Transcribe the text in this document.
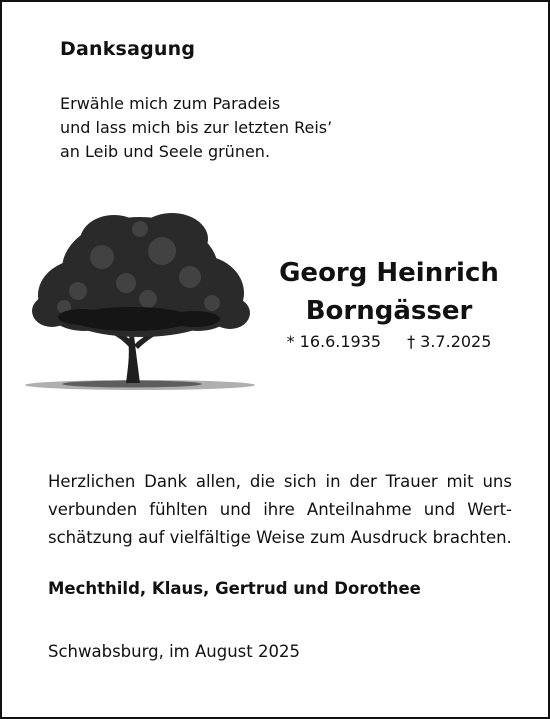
Danksagung
Erwähle mich zum Paradeis
und lass mich bis zur letzten Reis’
an Leib und Seele grünen.
Georg Heinrich
Borngässer
* 16.6.1935 † 3.7.2025
Herzlichen Dank allen, die sich in der Trauer mit uns
verbunden fühlten und ihre Anteilnahme und Wert-
schätzung auf vielfältige Weise zum Ausdruck brachten.
Mechthild, Klaus, Gertrud und Dorothee
Schwabsburg, im August 2025
